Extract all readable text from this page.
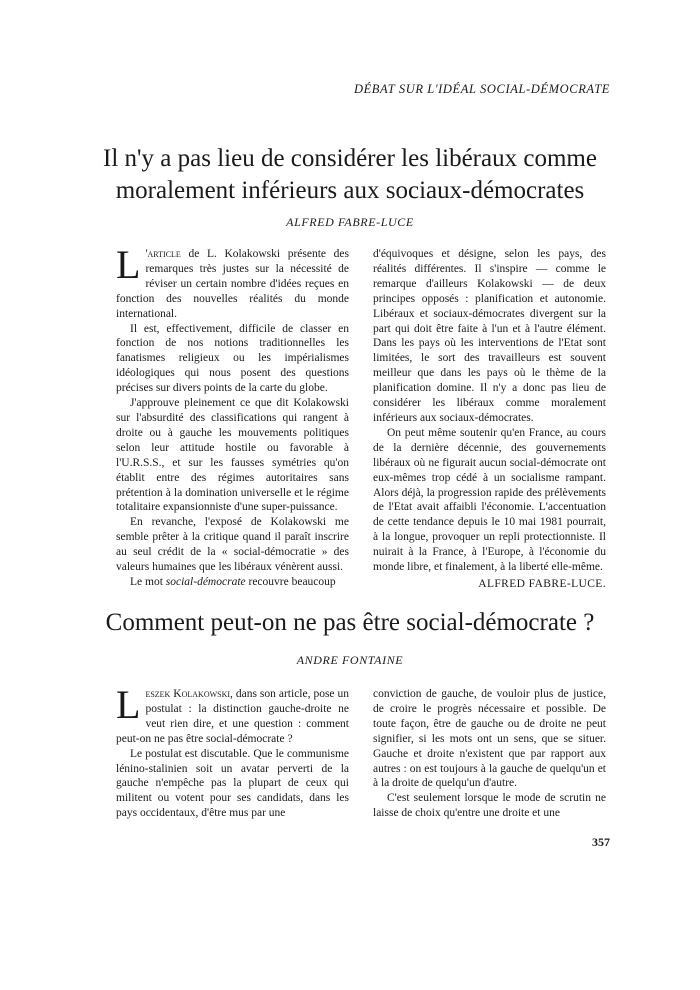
DÉBAT SUR L'IDÉAL SOCIAL-DÉMOCRATE
Il n'y a pas lieu de considérer les libéraux comme
moralement inférieurs aux sociaux-démocrates
ALFRED FABRE-LUCE

L 'article de L. Kolakowski présente des remarques très justes sur la nécessité de réviser un certain nombre d'idées reçues en fonction des nouvelles réalités du monde international.

Il est, effectivement, difficile de classer en fonction de nos notions traditionnelles les fanatismes religieux ou les impérialismes idéologiques qui nous posent des questions précises sur divers points de la carte du globe.

J'approuve pleinement ce que dit Kolakowski sur l'absurdité des classifications qui rangent à droite ou à gauche les mouvements politiques selon leur attitude hostile ou favorable à l'U.R.S.S., et sur les fausses symétries qu'on établit entre des régimes autoritaires sans prétention à la domination universelle et le régime totalitaire expansionniste d'une super-puissance.

En revanche, l'exposé de Kolakowski me semble prêter à la critique quand il paraît inscrire au seul crédit de la « social-démocratie » des valeurs humaines que les libéraux vénèrent aussi.

Le mot social-démocrate recouvre beaucoup

d'équivoques et désigne, selon les pays, des réalités différentes. Il s'inspire — comme le remarque d'ailleurs Kolakowski — de deux principes opposés : planification et autonomie. Libéraux et sociaux-démocrates divergent sur la part qui doit être faite à l'un et à l'autre élément. Dans les pays où les interventions de l'Etat sont limitées, le sort des travailleurs est souvent meilleur que dans les pays où le thème de la planification domine. Il n'y a donc pas lieu de considérer les libéraux comme moralement inférieurs aux sociaux-démocrates.

On peut même soutenir qu'en France, au cours de la dernière décennie, des gouvernements libéraux où ne figurait aucun social-démocrate ont eux-mêmes trop cédé à un socialisme rampant. Alors déjà, la progression rapide des prélèvements de l'Etat avait affaibli l'économie. L'accentuation de cette tendance depuis le 10 mai 1981 pourrait, à la longue, provoquer un repli protectionniste. Il nuirait à la France, à l'Europe, à l'économie du monde libre, et finalement, à la liberté elle-même.

ALFRED FABRE-LUCE.
Comment peut-on ne pas être social-démocrate ?
ANDRE FONTAINE

Leszek Kolakowski, dans son article, pose un postulat : la distinction gauche-droite ne veut rien dire, et une question : comment peut-on ne pas être social-démocrate ?

Le postulat est discutable. Que le communisme lénino-stalinien soit un avatar perverti de la gauche n'empêche pas la plupart de ceux qui militent ou votent pour ses candidats, dans les pays occidentaux, d'être mus par une

conviction de gauche, de vouloir plus de justice, de croire le progrès nécessaire et possible. De toute façon, être de gauche ou de droite ne peut signifier, si les mots ont un sens, que se situer. Gauche et droite n'existent que par rapport aux autres : on est toujours à la gauche de quelqu'un et à la droite de quelqu'un d'autre.

C'est seulement lorsque le mode de scrutin ne laisse de choix qu'entre une droite et une

357
